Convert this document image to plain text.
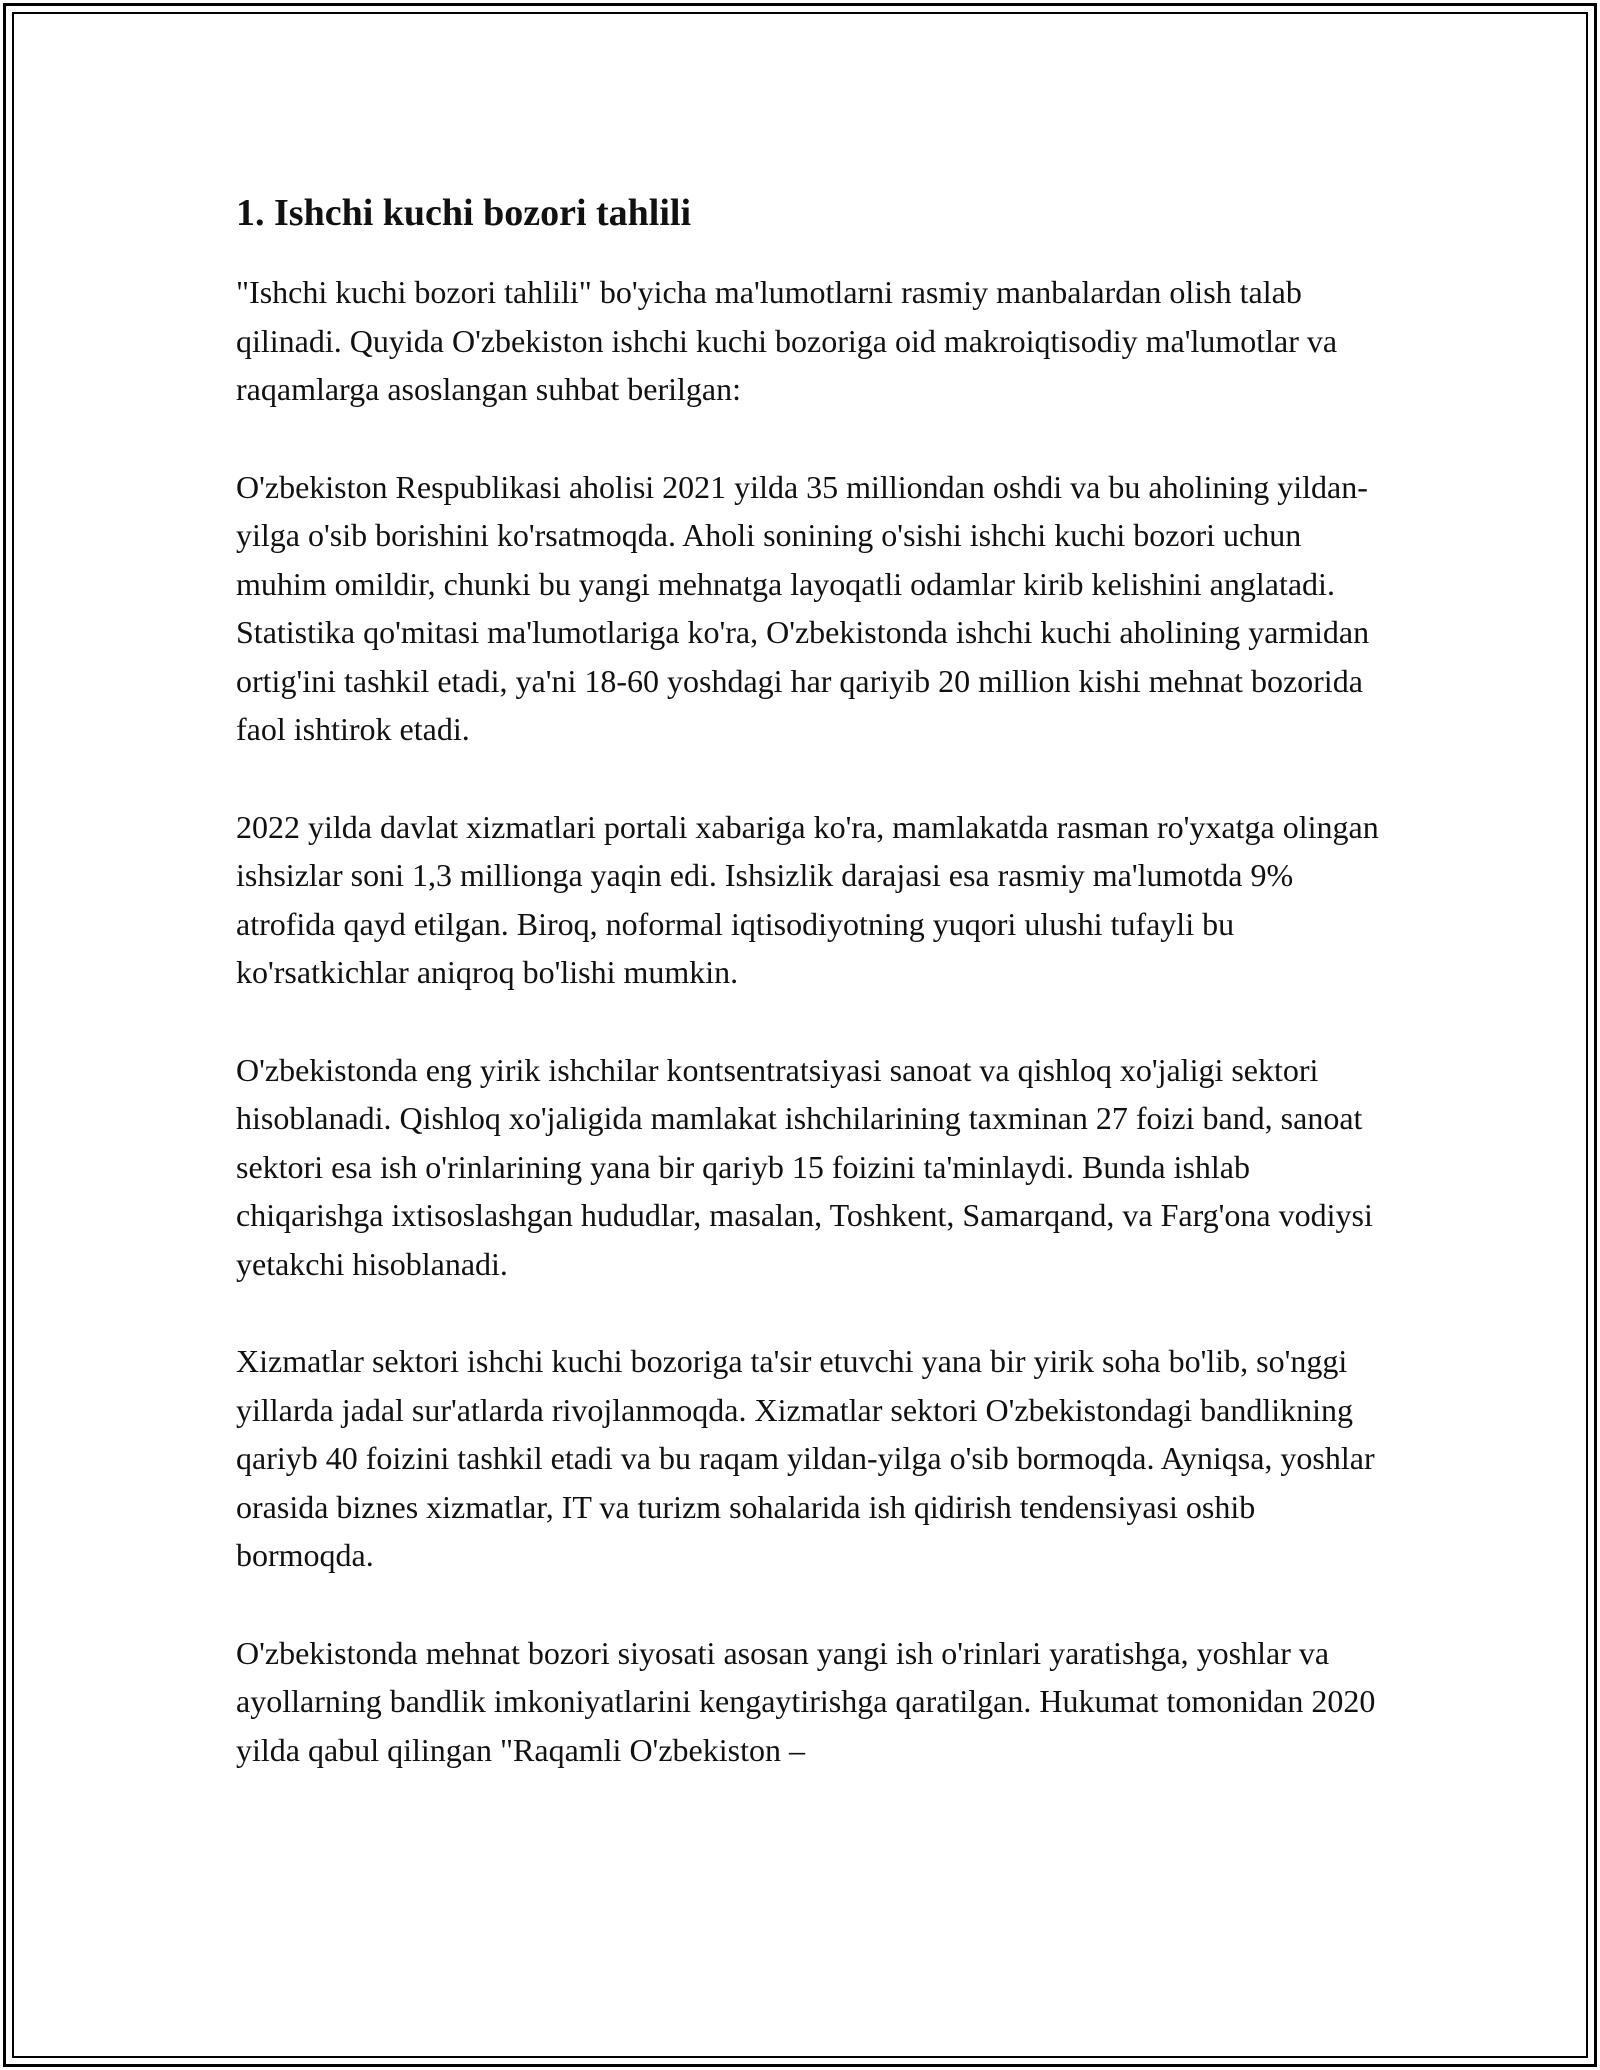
1. Ishchi kuchi bozori tahlili

"Ishchi kuchi bozori tahlili" bo'yicha ma'lumotlarni rasmiy manbalardan olish talab qilinadi. Quyida O'zbekiston ishchi kuchi bozoriga oid makroiqtisodiy ma'lumotlar va raqamlarga asoslangan suhbat berilgan:

O'zbekiston Respublikasi aholisi 2021 yilda 35 milliondan oshdi va bu aholining yildan-yilga o'sib borishini ko'rsatmoqda. Aholi sonining o'sishi ishchi kuchi bozori uchun muhim omildir, chunki bu yangi mehnatga layoqatli odamlar kirib kelishini anglatadi. Statistika qo'mitasi ma'lumotlariga ko'ra, O'zbekistonda ishchi kuchi aholining yarmidan ortig'ini tashkil etadi, ya'ni 18-60 yoshdagi har qariyib 20 million kishi mehnat bozorida faol ishtirok etadi.

2022 yilda davlat xizmatlari portali xabariga ko'ra, mamlakatda rasman ro'yxatga olingan ishsizlar soni 1,3 millionga yaqin edi. Ishsizlik darajasi esa rasmiy ma'lumotda 9% atrofida qayd etilgan. Biroq, noformal iqtisodiyotning yuqori ulushi tufayli bu ko'rsatkichlar aniqroq bo'lishi mumkin.

O'zbekistonda eng yirik ishchilar kontsentratsiyasi sanoat va qishloq xo'jaligi sektori hisoblanadi. Qishloq xo'jaligida mamlakat ishchilarining taxminan 27 foizi band, sanoat sektori esa ish o'rinlarining yana bir qariyb 15 foizini ta'minlaydi. Bunda ishlab chiqarishga ixtisoslashgan hududlar, masalan, Toshkent, Samarqand, va Farg'ona vodiysi yetakchi hisoblanadi.

Xizmatlar sektori ishchi kuchi bozoriga ta'sir etuvchi yana bir yirik soha bo'lib, so'nggi yillarda jadal sur'atlarda rivojlanmoqda. Xizmatlar sektori O'zbekistondagi bandlikning qariyb 40 foizini tashkil etadi va bu raqam yildan-yilga o'sib bormoqda. Ayniqsa, yoshlar orasida biznes xizmatlar, IT va turizm sohalarida ish qidirish tendensiyasi oshib bormoqda.

O'zbekistonda mehnat bozori siyosati asosan yangi ish o'rinlari yaratishga, yoshlar va ayollarning bandlik imkoniyatlarini kengaytirishga qaratilgan. Hukumat tomonidan 2020 yilda qabul qilingan "Raqamli O'zbekiston –
